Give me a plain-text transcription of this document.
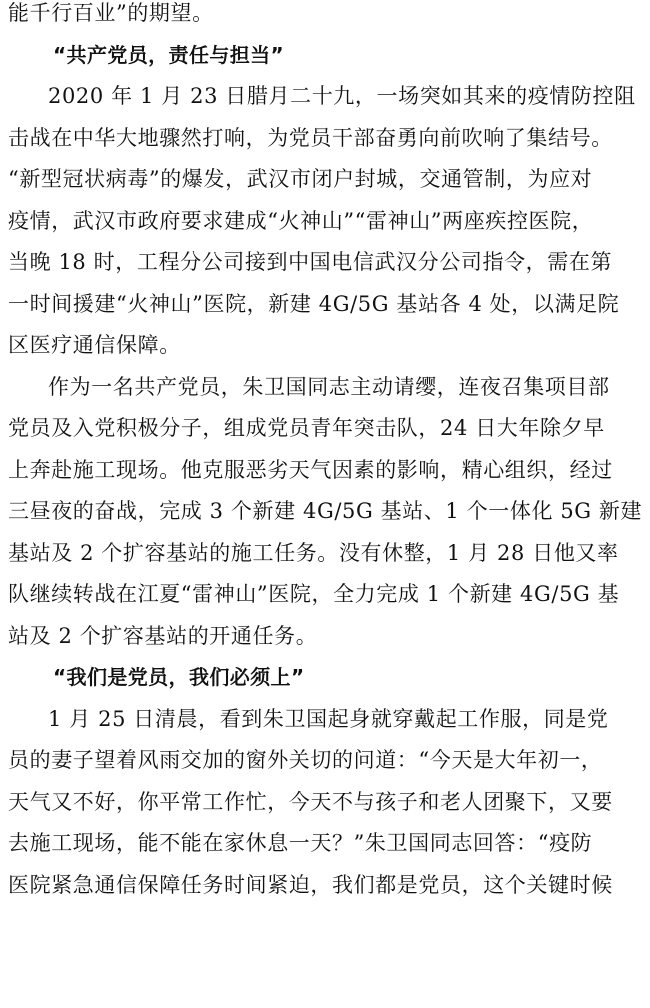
能千行百业”的期望。

“共产党员，责任与担当”

2020 年 1 月 23 日腊月二十九，一场突如其来的疫情防控阻

击战在中华大地骤然打响，为党员干部奋勇向前吹响了集结号。

“新型冠状病毒”的爆发，武汉市闭户封城，交通管制，为应对

疫情，武汉市政府要求建成“火神山”“雷神山”两座疾控医院，

当晚 18 时，工程分公司接到中国电信武汉分公司指令，需在第

一时间援建“火神山”医院，新建 4G/5G 基站各 4 处，以满足院

区医疗通信保障。

作为一名共产党员，朱卫国同志主动请缨，连夜召集项目部

党员及入党积极分子，组成党员青年突击队，24 日大年除夕早

上奔赴施工现场。他克服恶劣天气因素的影响，精心组织，经过

三昼夜的奋战，完成 3 个新建 4G/5G 基站、1 个一体化 5G 新建

基站及 2 个扩容基站的施工任务。没有休整，1 月 28 日他又率

队继续转战在江夏“雷神山”医院，全力完成 1 个新建 4G/5G 基

站及 2 个扩容基站的开通任务。

“我们是党员，我们必须上”

1 月 25 日清晨，看到朱卫国起身就穿戴起工作服，同是党

员的妻子望着风雨交加的窗外关切的问道：“今天是大年初一，

天气又不好，你平常工作忙，今天不与孩子和老人团聚下，又要

去施工现场，能不能在家休息一天？”朱卫国同志回答：“疫防

医院紧急通信保障任务时间紧迫，我们都是党员，这个关键时候
